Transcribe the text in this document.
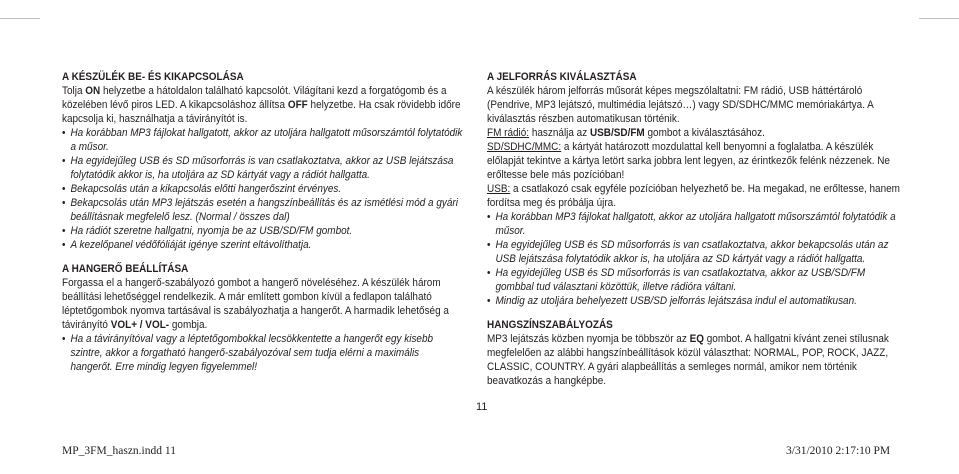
A KÉSZÜLÉK BE- ÉS KIKAPCSOLÁSA

Tolja ON helyzetbe a hátoldalon található kapcsolót. Világítani kezd a forgatógomb és a közelében lévő piros LED. A kikapcsoláshoz állítsa OFF helyzetbe. Ha csak rövidebb időre kapcsolja ki, használhatja a távirányítót is.

• Ha korábban MP3 fájlokat hallgatott, akkor az utoljára hallgatott műsorszámtól folytatódik a műsor.
• Ha egyidejűleg USB és SD műsorforrás is van csatlakoztatva, akkor az USB lejátszása folytatódik akkor is, ha utoljára az SD kártyát vagy a rádiót hallgatta.
• Bekapcsolás után a kikapcsolás előtti hangerőszint érvényes.
• Bekapcsolás után MP3 lejátszás esetén a hangszínbeállítás és az ismétlési mód a gyári beállításnak megfelelő lesz. (Normal / összes dal)
• Ha rádiót szeretne hallgatni, nyomja be az USB/SD/FM gombot.
• A kezelőpanel védőfóliáját igénye szerint eltávolíthatja.

A HANGERŐ BEÁLLÍTÁSA

Forgassa el a hangerő-szabályozó gombot a hangerő növeléséhez. A készülék három beállítási lehetőséggel rendelkezik. A már említett gombon kívül a fedlapon található léptetőgombok nyomva tartásával is szabályozhatja a hangerőt. A harmadik lehetőség a távirányító VOL+ / VOL- gombja.

• Ha a távirányítóval vagy a léptetőgombokkal lecsökkentette a hangerőt egy kisebb szintre, akkor a forgatható hangerő-szabályozóval sem tudja elérni a maximális hangerőt. Erre mindig legyen figyelemmel!

A JELFORRÁS KIVÁLASZTÁSA

A készülék három jelforrás műsorát képes megszólaltatni: FM rádió, USB háttértároló (Pendrive, MP3 lejátszó, multimédia lejátszó…) vagy SD/SDHC/MMC memóriakártya. A kiválasztás részben automatikusan történik.

FM rádió: használja az USB/SD/FM gombot a kiválasztásához.

SD/SDHC/MMC: a kártyát határozott mozdulattal kell benyomni a foglalatba. A készülék előlapját tekintve a kártya letört sarka jobbra lent legyen, az érintkezők felénk nézzenek. Ne erőltesse bele más pozícióban!

USB: a csatlakozó csak egyféle pozícióban helyezhető be. Ha megakad, ne erőltesse, hanem fordítsa meg és próbálja újra.

• Ha korábban MP3 fájlokat hallgatott, akkor az utoljára hallgatott műsorszámtól folytatódik a műsor.
• Ha egyidejűleg USB és SD műsorforrás is van csatlakoztatva, akkor bekapcsolás után az USB lejátszása folytatódik akkor is, ha utoljára az SD kártyát vagy a rádiót hallgatta.
• Ha egyidejűleg USB és SD műsorforrás is van csatlakoztatva, akkor az USB/SD/FM gombbal tud választani közöttük, illetve rádióra váltani.
• Mindig az utoljára behelyezett USB/SD jelforrás lejátszása indul el automatikusan.

HANGSZÍNSZABÁLYOZÁS

MP3 lejátszás közben nyomja be többször az EQ gombot. A hallgatni kívánt zenei stílusnak megfelelően az alábbi hangszínbeállítások közül választhat: NORMAL, POP, ROCK, JAZZ, CLASSIC, COUNTRY. A gyári alapbeállítás a semleges normál, amikor nem történik beavatkozás a hangképbe.

11
MP_3FM_haszn.indd 11	3/31/2010 2:17:10 PM
